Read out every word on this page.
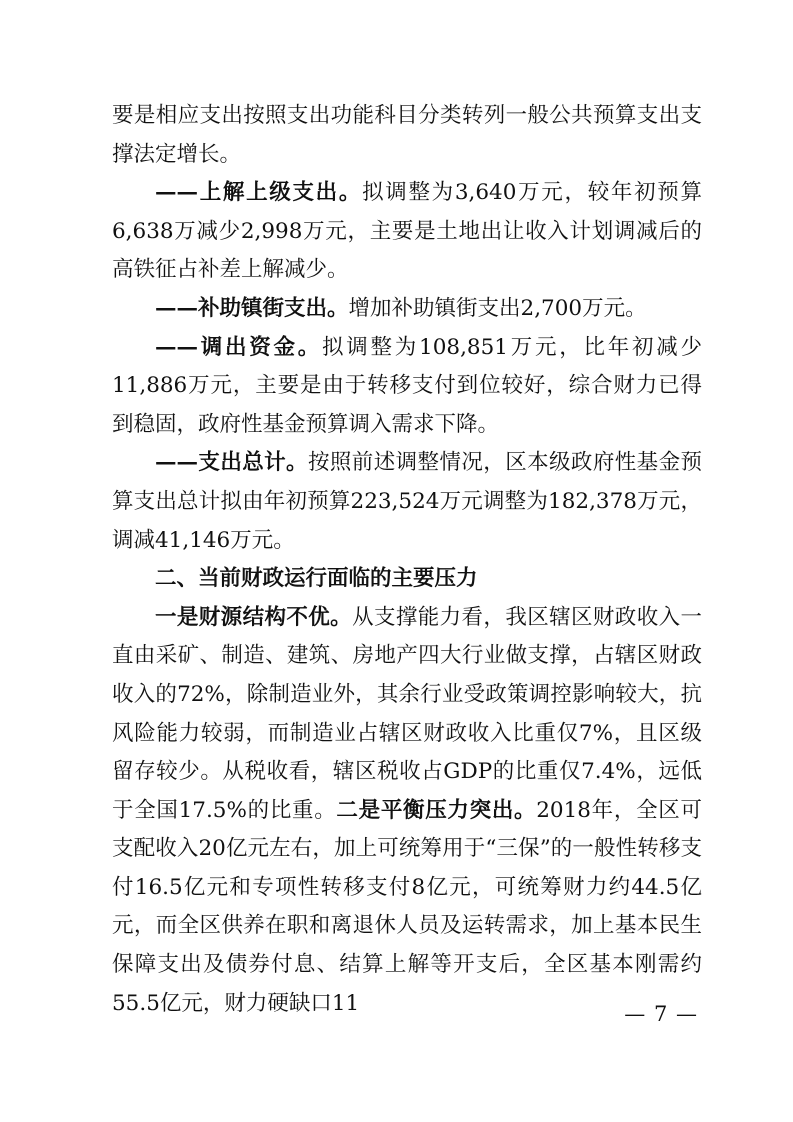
要是相应支出按照支出功能科目分类转列一般公共预算支出支撑法定增长。

——上解上级支出。拟调整为3,640万元，较年初预算6,638万减少2,998万元，主要是土地出让收入计划调减后的高铁征占补差上解减少。

——补助镇街支出。增加补助镇街支出2,700万元。

——调出资金。拟调整为108,851万元，比年初减少11,886万元，主要是由于转移支付到位较好，综合财力已得到稳固，政府性基金预算调入需求下降。

——支出总计。按照前述调整情况，区本级政府性基金预算支出总计拟由年初预算223,524万元调整为182,378万元，调减41,146万元。

二、当前财政运行面临的主要压力

一是财源结构不优。从支撑能力看，我区辖区财政收入一直由采矿、制造、建筑、房地产四大行业做支撑，占辖区财政收入的72%，除制造业外，其余行业受政策调控影响较大，抗风险能力较弱，而制造业占辖区财政收入比重仅7%，且区级留存较少。从税收看，辖区税收占GDP的比重仅7.4%，远低于全国17.5%的比重。二是平衡压力突出。2018年，全区可支配收入20亿元左右，加上可统筹用于“三保”的一般性转移支付16.5亿元和专项性转移支付8亿元，可统筹财力约44.5亿元，而全区供养在职和离退休人员及运转需求，加上基本民生保障支出及债券付息、结算上解等开支后，全区基本刚需约55.5亿元，财力硬缺口11	— 7 —
